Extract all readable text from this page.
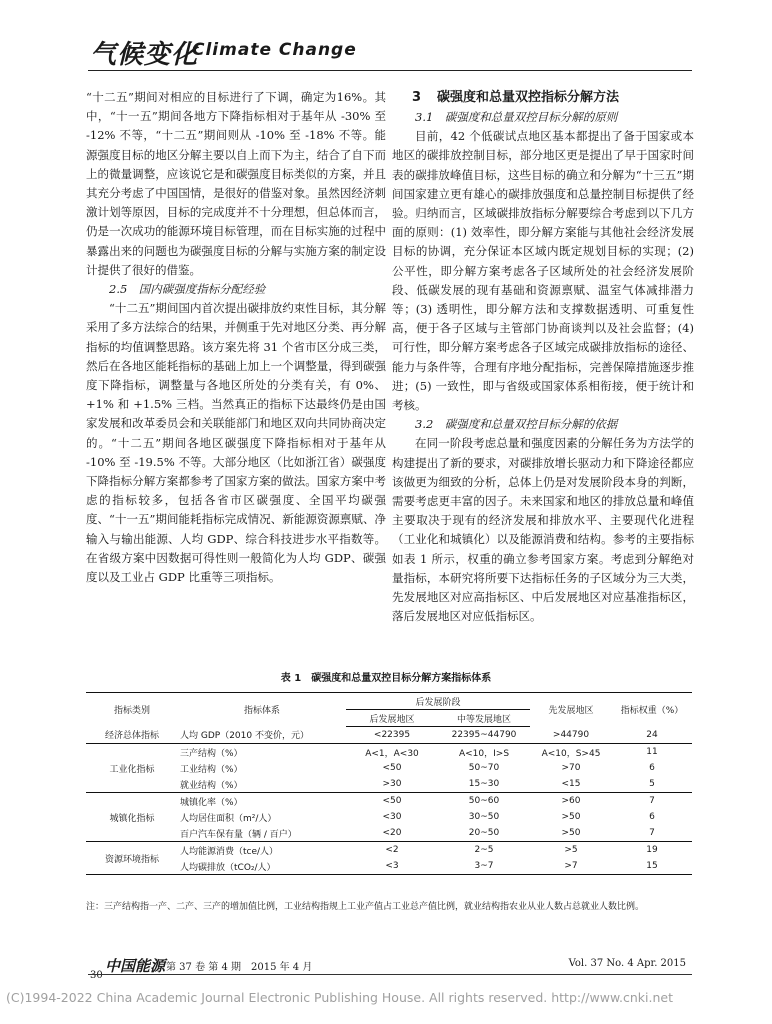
气候变化
Climate Change

“十二五”期间对相应的目标进行了下调，确定为16%。其中，“十一五”期间各地方下降指标相对于基年从 -30% 至 -12% 不等，“十二五”期间则从 -10% 至 -18% 不等。能源强度目标的地区分解主要以自上而下为主，结合了自下而上的微量调整，应该说它是和碳强度目标类似的方案，并且其充分考虑了中国国情，是很好的借鉴对象。虽然因经济刺激计划等原因，目标的完成度并不十分理想，但总体而言，仍是一次成功的能源环境目标管理，而在目标实施的过程中暴露出来的问题也为碳强度目标的分解与实施方案的制定设计提供了很好的借鉴。

2.5　国内碳强度指标分配经验

“十二五”期间国内首次提出碳排放约束性目标，其分解采用了多方法综合的结果，并侧重于先对地区分类、再分解指标的均值调整思路。该方案先将 31 个省市区分成三类，然后在各地区能耗指标的基础上加上一个调整量，得到碳强度下降指标，调整量与各地区所处的分类有关，有 0%、+1% 和 +1.5% 三档。当然真正的指标下达最终仍是由国家发展和改革委员会和关联能部门和地区双向共同协商决定的。“十二五”期间各地区碳强度下降指标相对于基年从 -10% 至 -19.5% 不等。大部分地区（比如浙江省）碳强度下降指标分解方案都参考了国家方案的做法。国家方案中考虑的指标较多，包括各省市区碳强度、全国平均碳强度、“十一五”期间能耗指标完成情况、新能源资源禀赋、净输入与输出能源、人均 GDP、综合科技进步水平指数等。在省级方案中因数据可得性则一般简化为人均 GDP、碳强度以及工业占 GDP 比重等三项指标。

3 碳强度和总量双控指标分解方法
3.1　碳强度和总量双控目标分解的原则

目前，42 个低碳试点地区基本都提出了备于国家或本地区的碳排放控制目标，部分地区更是提出了早于国家时间表的碳排放峰值目标，这些目标的确立和分解为“十三五”期间国家建立更有雄心的碳排放强度和总量控制目标提供了经验。归纳而言，区域碳排放指标分解要综合考虑到以下几方面的原则：(1) 效率性，即分解方案能与其他社会经济发展目标的协调，充分保证本区域内既定规划目标的实现；(2) 公平性，即分解方案考虑各子区域所处的社会经济发展阶段、低碳发展的现有基础和资源禀赋、温室气体减排潜力等；(3) 透明性，即分解方法和支撑数据透明、可重复性高，便于各子区域与主管部门协商谈判以及社会监督；(4) 可行性，即分解方案考虑各子区域完成碳排放指标的途径、能力与条件等，合理有序地分配指标，完善保障措施逐步推进；(5) 一致性，即与省级或国家体系相衔接，便于统计和考核。

3.2　碳强度和总量双控目标分解的依据

在同一阶段考虑总量和强度因素的分解任务为方法学的构建提出了新的要求，对碳排放增长驱动力和下降途径都应该做更为细致的分析，总体上仍是对发展阶段本身的判断，需要考虑更丰富的因子。未来国家和地区的排放总量和峰值主要取决于现有的经济发展和排放水平、主要现代化进程（工业化和城镇化）以及能源消费和结构。参考的主要指标如表 1 所示，权重的确立参考国家方案。考虑到分解绝对量指标，本研究将所要下达指标任务的子区域分为三大类，先发展地区对应高指标区、中后发展地区对应基准指标区，落后发展地区对应低指标区。

表 1　碳强度和总量双控目标分解方案指标体系
指标类别	指标体系	后发展阶段		先发展地区	指标权重（%）
		后发展地区	中等发展地区		
经济总体指标	人均 GDP（2010 不变价，元）	<22395	22395~44790	>44790	24
工业化指标	三产结构（%）	A<1，A<30	A<10，I>S	A<10，S>45	11
	工业结构（%）	<50	50~70	>70	6
	就业结构（%）	>30	15~30	<15	5
城镇化指标	城镇化率（%）	<50	50~60	>60	7
	人均居住面积（m²/人）	<30	30~50	>50	6
	百户汽车保有量（辆 / 百户）	<20	20~50	>50	7
资源环境指标	人均能源消费（tce/人）	<2	2~5	>5	19
	人均碳排放（tCO₂/人）	<3	3~7	>7	15
注：三产结构指一产、二产、三产的增加值比例，工业结构指规上工业产值占工业总产值比例，就业结构指农业从业人数占总就业人数比例。
中国能源 第 37 卷 第 4 期　2015 年 4 月
30
Vol. 37 No. 4 Apr. 2015
(C)1994-2022 China Academic Journal Electronic Publishing House. All rights reserved. http://www.cnki.net
